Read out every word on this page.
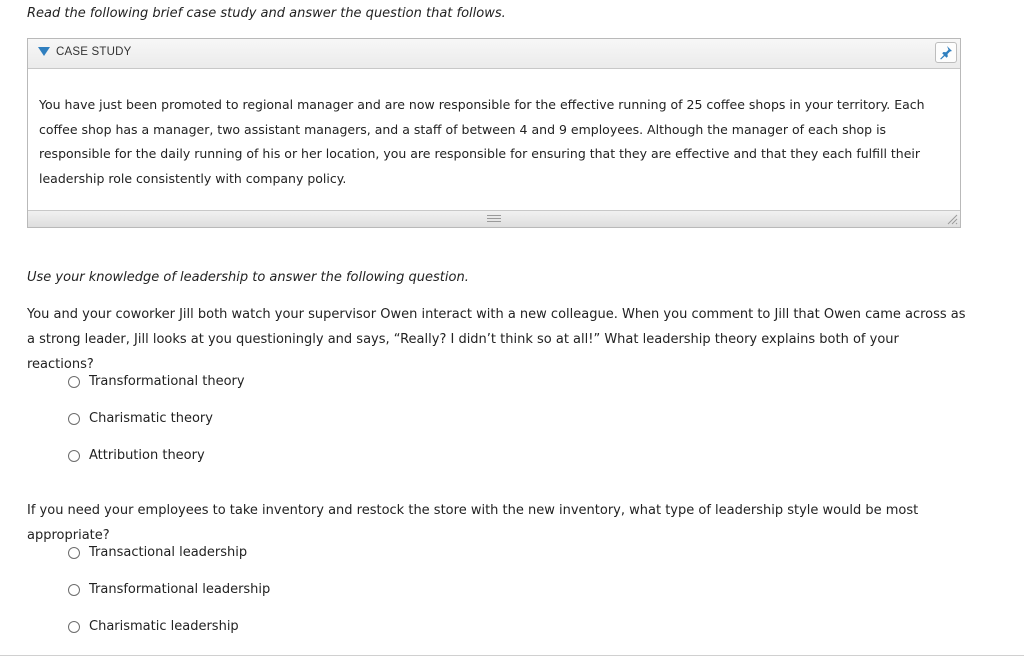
Read the following brief case study and answer the question that follows.
CASE STUDY
You have just been promoted to regional manager and are now responsible for the effective running of 25 coffee shops in your territory. Each coffee shop has a manager, two assistant managers, and a staff of between 4 and 9 employees. Although the manager of each shop is responsible for the daily running of his or her location, you are responsible for ensuring that they are effective and that they each fulfill their leadership role consistently with company policy.
Use your knowledge of leadership to answer the following question.
You and your coworker Jill both watch your supervisor Owen interact with a new colleague. When you comment to Jill that Owen came across as a strong leader, Jill looks at you questioningly and says, “Really? I didn’t think so at all!” What leadership theory explains both of your reactions?
Transformational theory
Charismatic theory
Attribution theory
If you need your employees to take inventory and restock the store with the new inventory, what type of leadership style would be most appropriate?
Transactional leadership
Transformational leadership
Charismatic leadership
